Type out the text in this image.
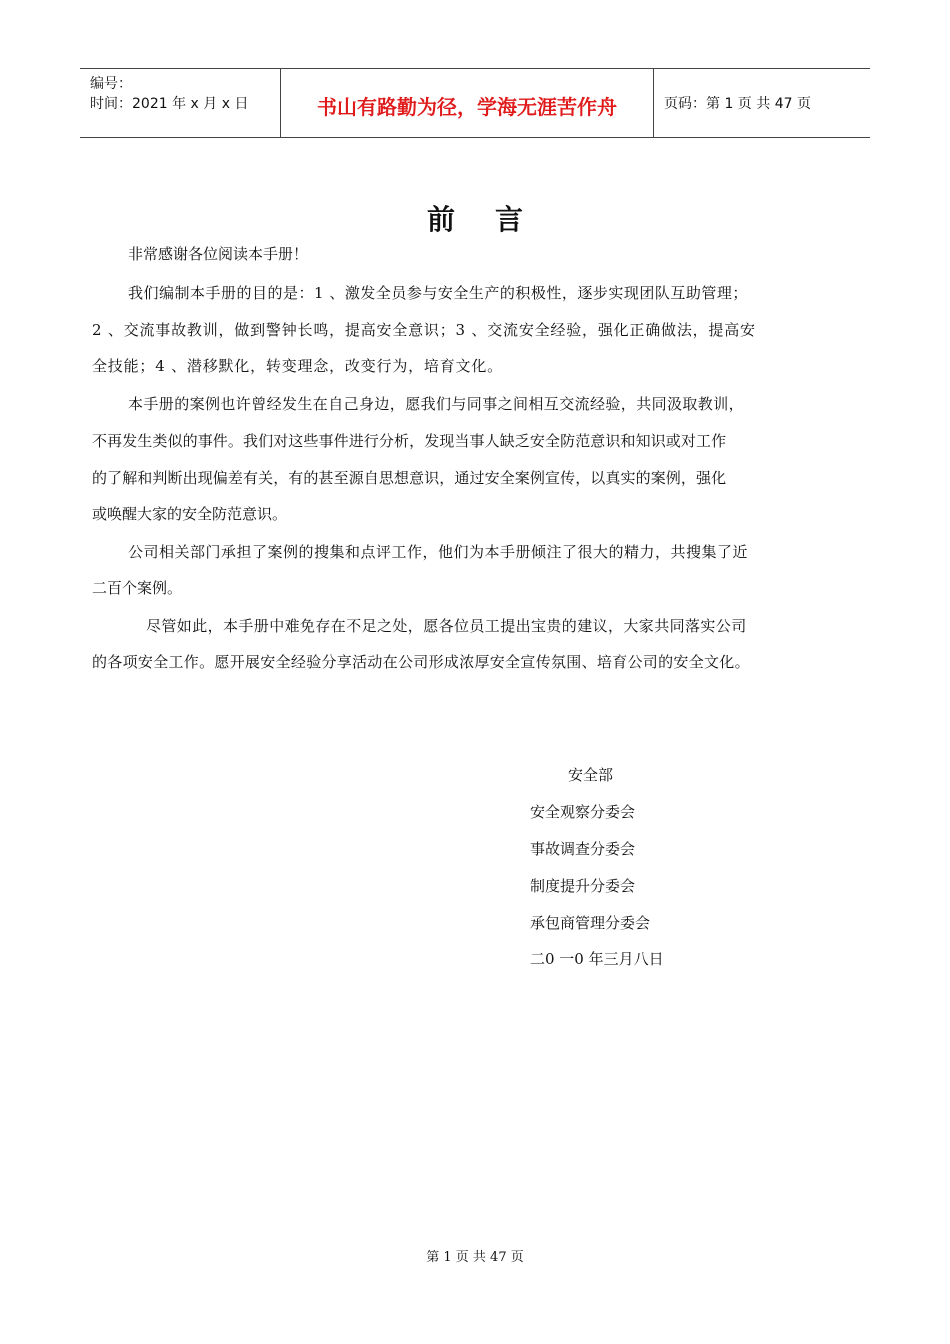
编号：
时间：2021 年 x 月 x 日	书山有路勤为径，学海无涯苦作舟	页码：第 1 页 共 47 页
前言
非常感谢各位阅读本手册！
我们编制本手册的目的是：1 、激发全员参与安全生产的积极性，逐步实现团队互助管理；
2 、交流事故教训，做到警钟长鸣，提高安全意识；3 、交流安全经验，强化正确做法，提高安
全技能；4 、潜移默化，转变理念，改变行为，培育文化。
本手册的案例也许曾经发生在自己身边，愿我们与同事之间相互交流经验，共同汲取教训，
不再发生类似的事件。我们对这些事件进行分析，发现当事人缺乏安全防范意识和知识或对工作
的了解和判断出现偏差有关，有的甚至源自思想意识，通过安全案例宣传，以真实的案例，强化
或唤醒大家的安全防范意识。
公司相关部门承担了案例的搜集和点评工作，他们为本手册倾注了很大的精力，共搜集了近
二百个案例。
尽管如此，本手册中难免存在不足之处，愿各位员工提出宝贵的建议，大家共同落实公司
的各项安全工作。愿开展安全经验分享活动在公司形成浓厚安全宣传氛围、培育公司的安全文化。
安全部
安全观察分委会
事故调查分委会
制度提升分委会
承包商管理分委会
二0 一0 年三月八日
第 1 页 共 47 页
